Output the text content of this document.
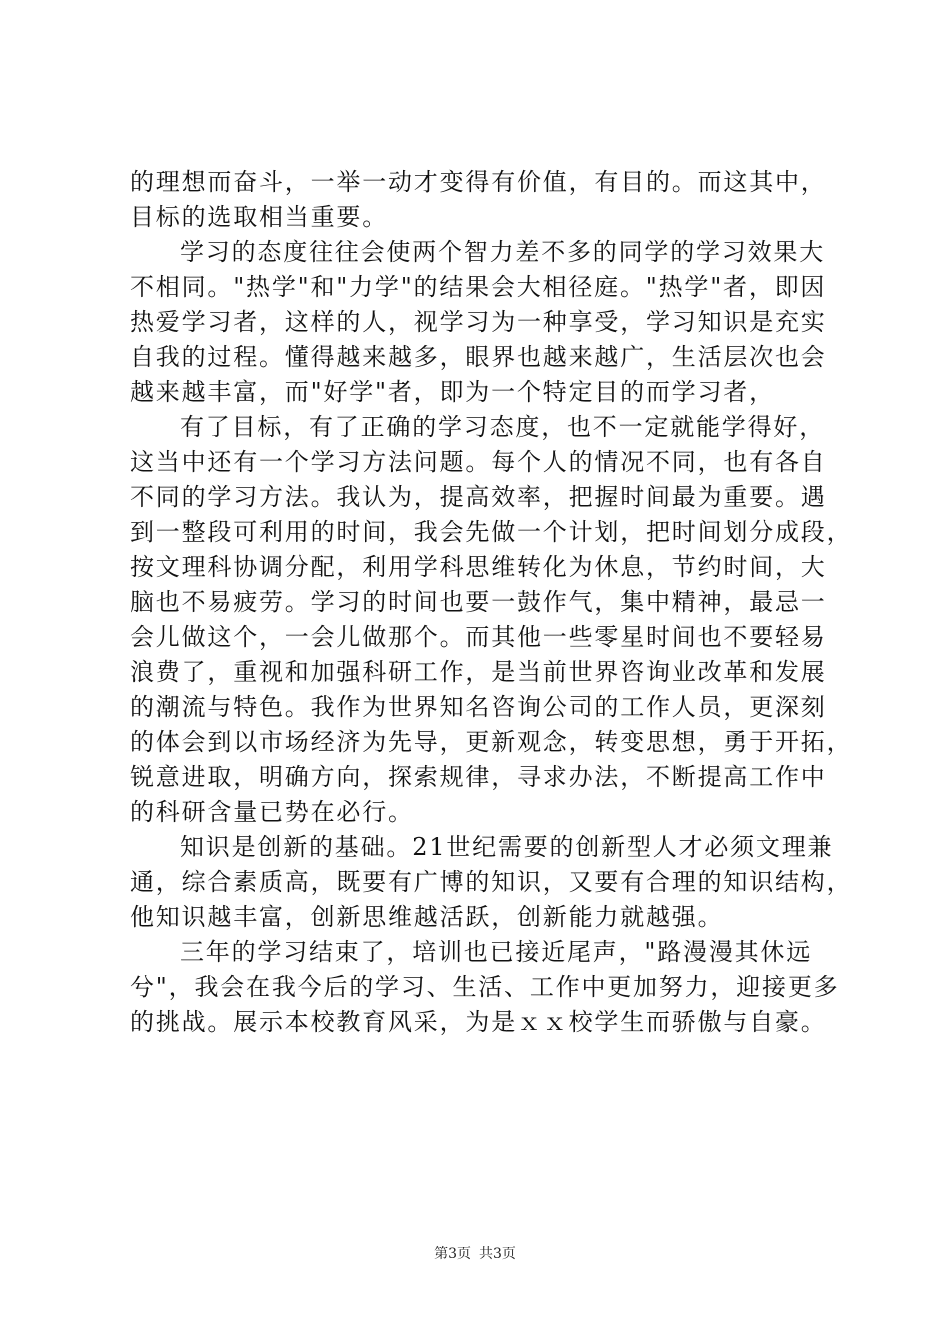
的理想而奋斗，一举一动才变得有价值，有目的。而这其中，
目标的选取相当重要。
学习的态度往往会使两个智力差不多的同学的学习效果大
不相同。"热学"和"力学"的结果会大相径庭。"热学"者，即因
热爱学习者，这样的人，视学习为一种享受，学习知识是充实
自我的过程。懂得越来越多，眼界也越来越广，生活层次也会
越来越丰富，而"好学"者，即为一个特定目的而学习者，
有了目标，有了正确的学习态度，也不一定就能学得好，
这当中还有一个学习方法问题。每个人的情况不同，也有各自
不同的学习方法。我认为，提高效率，把握时间最为重要。遇
到一整段可利用的时间，我会先做一个计划，把时间划分成段，
按文理科协调分配，利用学科思维转化为休息，节约时间，大
脑也不易疲劳。学习的时间也要一鼓作气，集中精神，最忌一
会儿做这个，一会儿做那个。而其他一些零星时间也不要轻易
浪费了，重视和加强科研工作，是当前世界咨询业改革和发展
的潮流与特色。我作为世界知名咨询公司的工作人员，更深刻
的体会到以市场经济为先导，更新观念，转变思想，勇于开拓，
锐意进取，明确方向，探索规律，寻求办法，不断提高工作中
的科研含量已势在必行。
知识是创新的基础。21世纪需要的创新型人才必须文理兼
通，综合素质高，既要有广博的知识，又要有合理的知识结构，
他知识越丰富，创新思维越活跃，创新能力就越强。
三年的学习结束了，培训也已接近尾声，"路漫漫其休远
兮"，我会在我今后的学习、生活、工作中更加努力，迎接更多
的挑战。展示本校教育风采，为是ｘｘ校学生而骄傲与自豪。
第3页 共3页
